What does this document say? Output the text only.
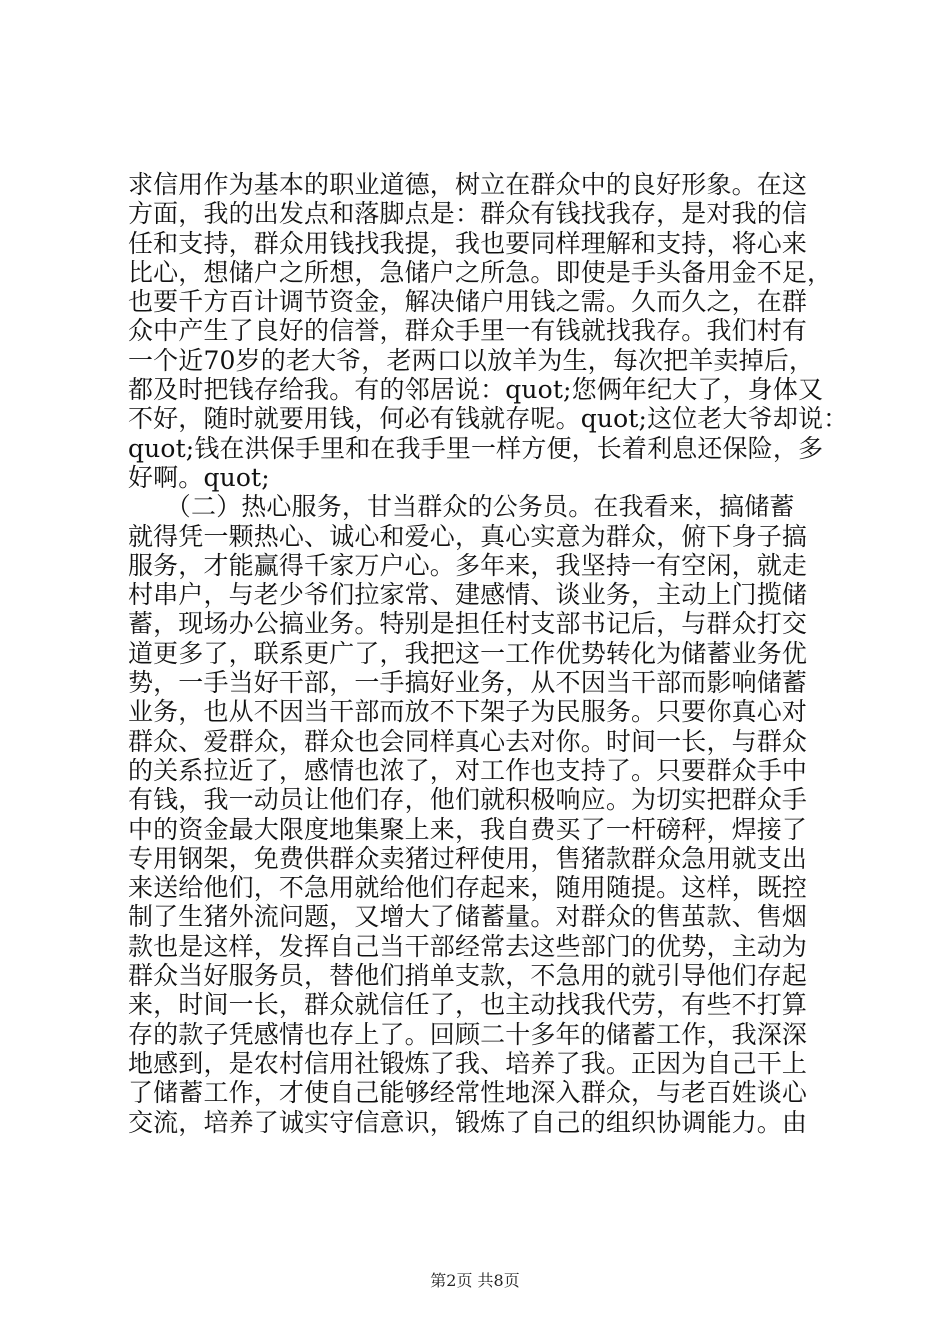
求信用作为基本的职业道德，树立在群众中的良好形象。在这
方面，我的出发点和落脚点是：群众有钱找我存，是对我的信
任和支持，群众用钱找我提，我也要同样理解和支持，将心来
比心，想储户之所想，急储户之所急。即使是手头备用金不足，
也要千方百计调节资金，解决储户用钱之需。久而久之，在群
众中产生了良好的信誉，群众手里一有钱就找我存。我们村有
一个近70岁的老大爷，老两口以放羊为生，每次把羊卖掉后，
都及时把钱存给我。有的邻居说：quot;您俩年纪大了，身体又
不好，随时就要用钱，何必有钱就存呢。quot;这位老大爷却说：
quot;钱在洪保手里和在我手里一样方便，长着利息还保险，多
好啊。quot;
　　（二）热心服务，甘当群众的公务员。在我看来，搞储蓄
就得凭一颗热心、诚心和爱心，真心实意为群众，俯下身子搞
服务，才能赢得千家万户心。多年来，我坚持一有空闲，就走
村串户，与老少爷们拉家常、建感情、谈业务，主动上门揽储
蓄，现场办公搞业务。特别是担任村支部书记后，与群众打交
道更多了，联系更广了，我把这一工作优势转化为储蓄业务优
势，一手当好干部，一手搞好业务，从不因当干部而影响储蓄
业务，也从不因当干部而放不下架子为民服务。只要你真心对
群众、爱群众，群众也会同样真心去对你。时间一长，与群众
的关系拉近了，感情也浓了，对工作也支持了。只要群众手中
有钱，我一动员让他们存，他们就积极响应。为切实把群众手
中的资金最大限度地集聚上来，我自费买了一杆磅秤，焊接了
专用钢架，免费供群众卖猪过秤使用，售猪款群众急用就支出
来送给他们，不急用就给他们存起来，随用随提。这样，既控
制了生猪外流问题，又增大了储蓄量。对群众的售茧款、售烟
款也是这样，发挥自己当干部经常去这些部门的优势，主动为
群众当好服务员，替他们捎单支款，不急用的就引导他们存起
来，时间一长，群众就信任了，也主动找我代劳，有些不打算
存的款子凭感情也存上了。回顾二十多年的储蓄工作，我深深
地感到，是农村信用社锻炼了我、培养了我。正因为自己干上
了储蓄工作，才使自己能够经常性地深入群众，与老百姓谈心
交流，培养了诚实守信意识，锻炼了自己的组织协调能力。由
第2页 共8页
